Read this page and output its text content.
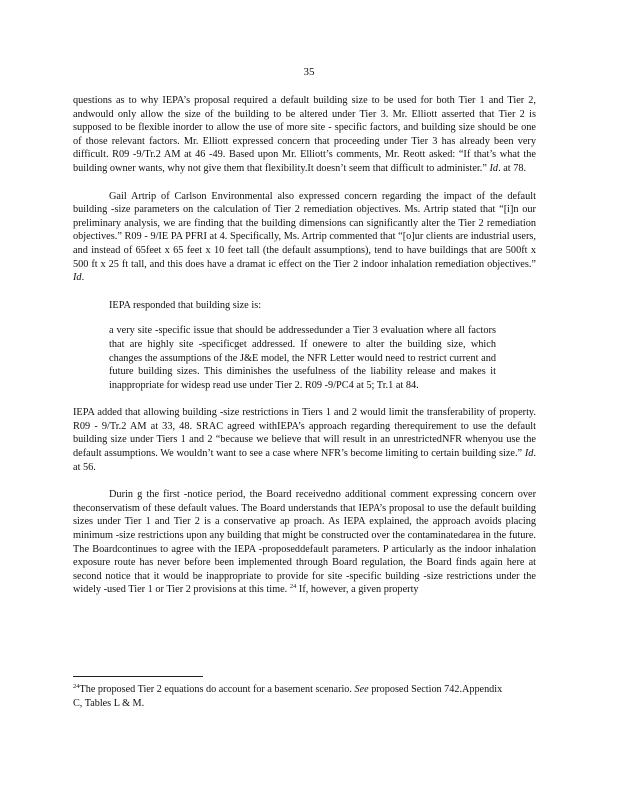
35

questions as to why IEPA’s proposal required a default building size to be used for both Tier 1 and Tier 2, andwould only allow the size of the building to be altered under Tier 3. Mr. Elliott asserted that Tier 2 is supposed to be flexible inorder to allow the use of more site - specific factors, and building size should be one of those relevant factors. Mr. Elliott expressed concern that proceeding under Tier 3 has already been very difficult. R09 -9/Tr.2 AM at 46 -49. Based upon Mr. Elliott’s comments, Mr. Reott asked: “If that’s what the building owner wants, why not give them that flexibility.It doesn’t seem that difficult to administer.” Id. at 78.

Gail Artrip of Carlson Environmental also expressed concern regarding the impact of the default building -size parameters on the calculation of Tier 2 remediation objectives. Ms. Artrip stated that “[i]n our preliminary analysis, we are finding that the building dimensions can significantly alter the Tier 2 remediation objectives.” R09 - 9/IE PA PFRI at 4. Specifically, Ms. Artrip commented that “[o]ur clients are industrial users, and instead of 65feet x 65 feet x 10 feet tall (the default assumptions), tend to have buildings that are 500ft x 500 ft x 25 ft tall, and this does have a dramat ic effect on the Tier 2 indoor inhalation remediation objectives.” Id.

IEPA responded that building size is:

a very site -specific issue that should be addressedunder a Tier 3 evaluation where all factors that are highly site -specificget addressed. If onewere to alter the building size, which changes the assumptions of the J&E model, the NFR Letter would need to restrict current and future building sizes. This diminishes the usefulness of the liability release and makes it inappropriate for widesp read use under Tier 2. R09 -9/PC4 at 5; Tr.1 at 84.

IEPA added that allowing building -size restrictions in Tiers 1 and 2 would limit the transferability of property. R09 - 9/Tr.2 AM at 33, 48. SRAC agreed withIEPA’s approach regarding therequirement to use the default building size under Tiers 1 and 2 “because we believe that will result in an unrestrictedNFR whenyou use the default assumptions. We wouldn’t want to see a case where NFR’s become limiting to certain building size.” Id. at 56.

Durin g the first -notice period, the Board receivedno additional comment expressing concern over theconservatism of these default values. The Board understands that IEPA’s proposal to use the default building sizes under Tier 1 and Tier 2 is a conservative ap proach. As IEPA explained, the approach avoids placing minimum -size restrictions upon any building that might be constructed over the contaminatedarea in the future. The Boardcontinues to agree with the IEPA -proposeddefault parameters. P articularly as the indoor inhalation exposure route has never before been implemented through Board regulation, the Board finds again here at second notice that it would be inappropriate to provide for site -specific building -size restrictions under the widely -used Tier 1 or Tier 2 provisions at this time. $^{24}$ If, however, a given property

$^{24}$The proposed Tier 2 equations do account for a basement scenario. See proposed Section 742.Appendix C, Tables L & M.
